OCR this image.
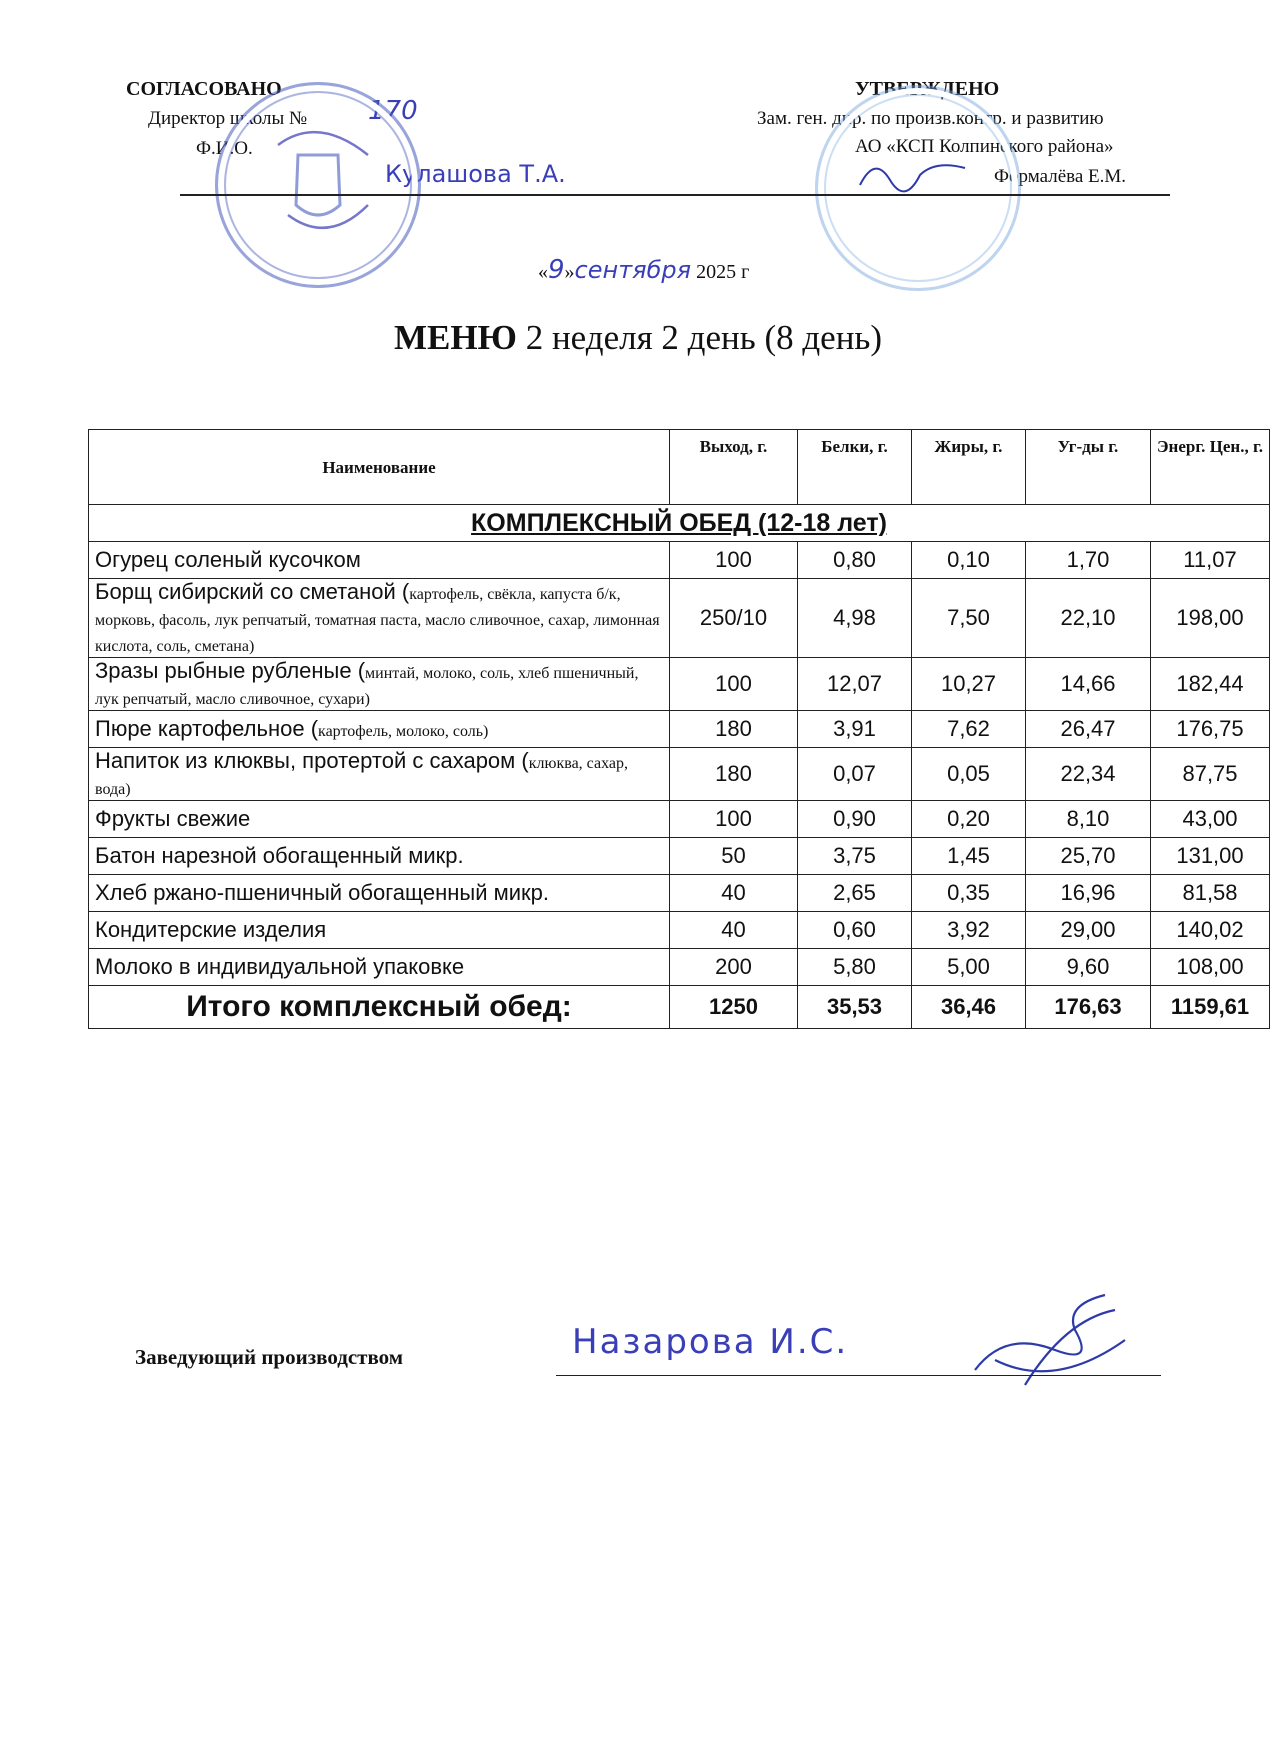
СОГЛАСОВАНО
Директор школы № 170
Ф.И.О.
Кулашова Т.А.
УТВЕРЖДЕНО
Зам. ген. дир. по произв.контр. и развитию
АО «КСП Колпинского района»
Формалёва Е.М.
«9»сентября 2025 г
МЕНЮ 2 неделя 2 день (8 день)
Наименование	Выход, г.	Белки, г.	Жиры, г.	Уг-ды г.	Энерг. Цен., г.
КОМПЛЕКСНЫЙ ОБЕД (12-18 лет)					
Огурец соленый кусочком	100	0,80	0,10	1,70	11,07
Борщ сибирский со сметаной (картофель, свёкла, капуста б/к, морковь, фасоль, лук репчатый, томатная паста, масло сливочное, сахар, лимонная кислота, соль, сметана)	250/10	4,98	7,50	22,10	198,00
Зразы рыбные рубленые (минтай, молоко, соль, хлеб пшеничный, лук репчатый, масло сливочное, сухари)	100	12,07	10,27	14,66	182,44
Пюре картофельное (картофель, молоко, соль)	180	3,91	7,62	26,47	176,75
Напиток из клюквы, протертой с сахаром (клюква, сахар, вода)	180	0,07	0,05	22,34	87,75
Фрукты свежие	100	0,90	0,20	8,10	43,00
Батон нарезной обогащенный микр.	50	3,75	1,45	25,70	131,00
Хлеб ржано-пшеничный обогащенный микр.	40	2,65	0,35	16,96	81,58
Кондитерские изделия	40	0,60	3,92	29,00	140,02
Молоко в индивидуальной упаковке	200	5,80	5,00	9,60	108,00
Итого комплексный обед:	1250	35,53	36,46	176,63	1159,61
Заведующий производством	Назарова И.С.
